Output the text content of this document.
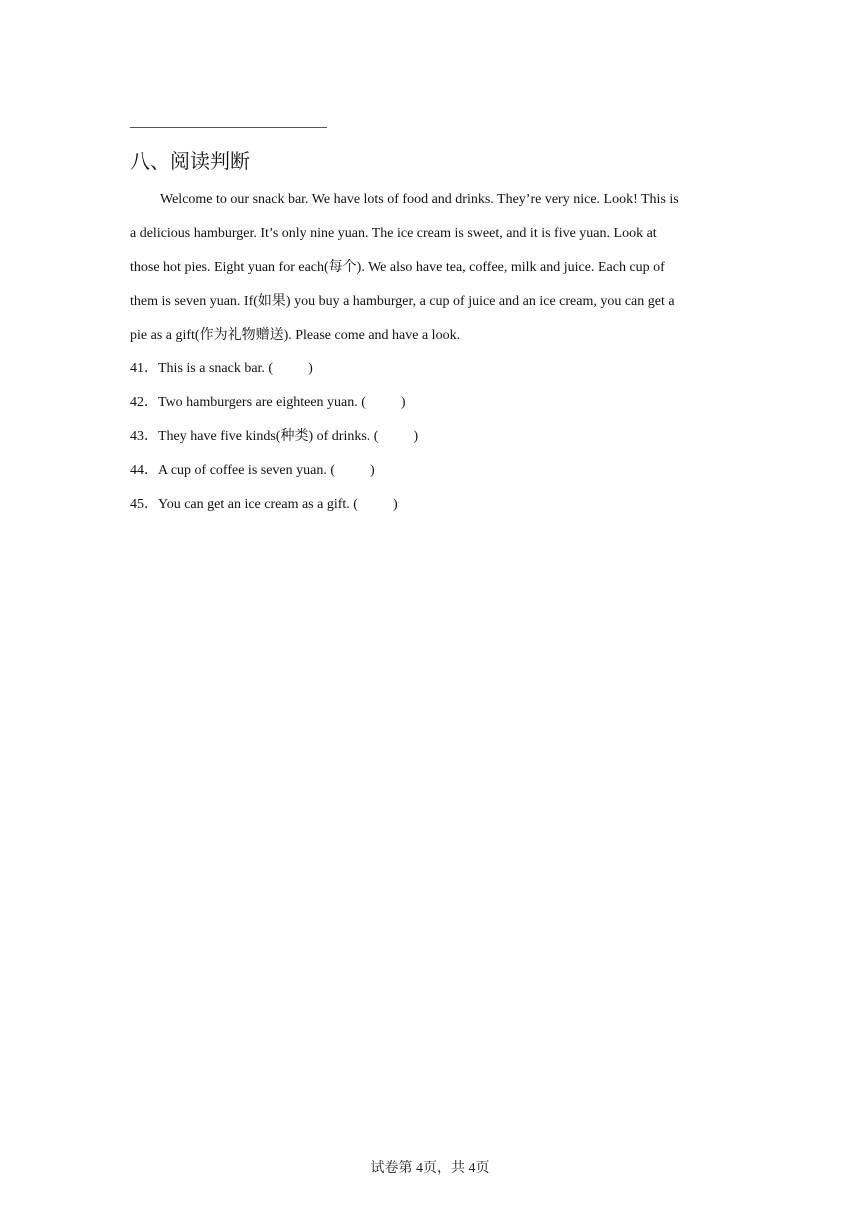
八、阅读判断
Welcome to our snack bar. We have lots of food and drinks. They’re very nice. Look! This is
a delicious hamburger. It’s only nine yuan. The ice cream is sweet, and it is five yuan. Look at
those hot pies. Eight yuan for each(每个). We also have tea, coffee, milk and juice. Each cup of
them is seven yuan. If(如果) you buy a hamburger, a cup of juice and an ice cream, you can get a
pie as a gift(作为礼物赠送). Please come and have a look.
41．This is a snack bar. (	)
42．Two hamburgers are eighteen yuan. (	)
43．They have five kinds(种类) of drinks. (	)
44．A cup of coffee is seven yuan. (	)
45．You can get an ice cream as a gift. (	)
试卷第 4页，共 4页
